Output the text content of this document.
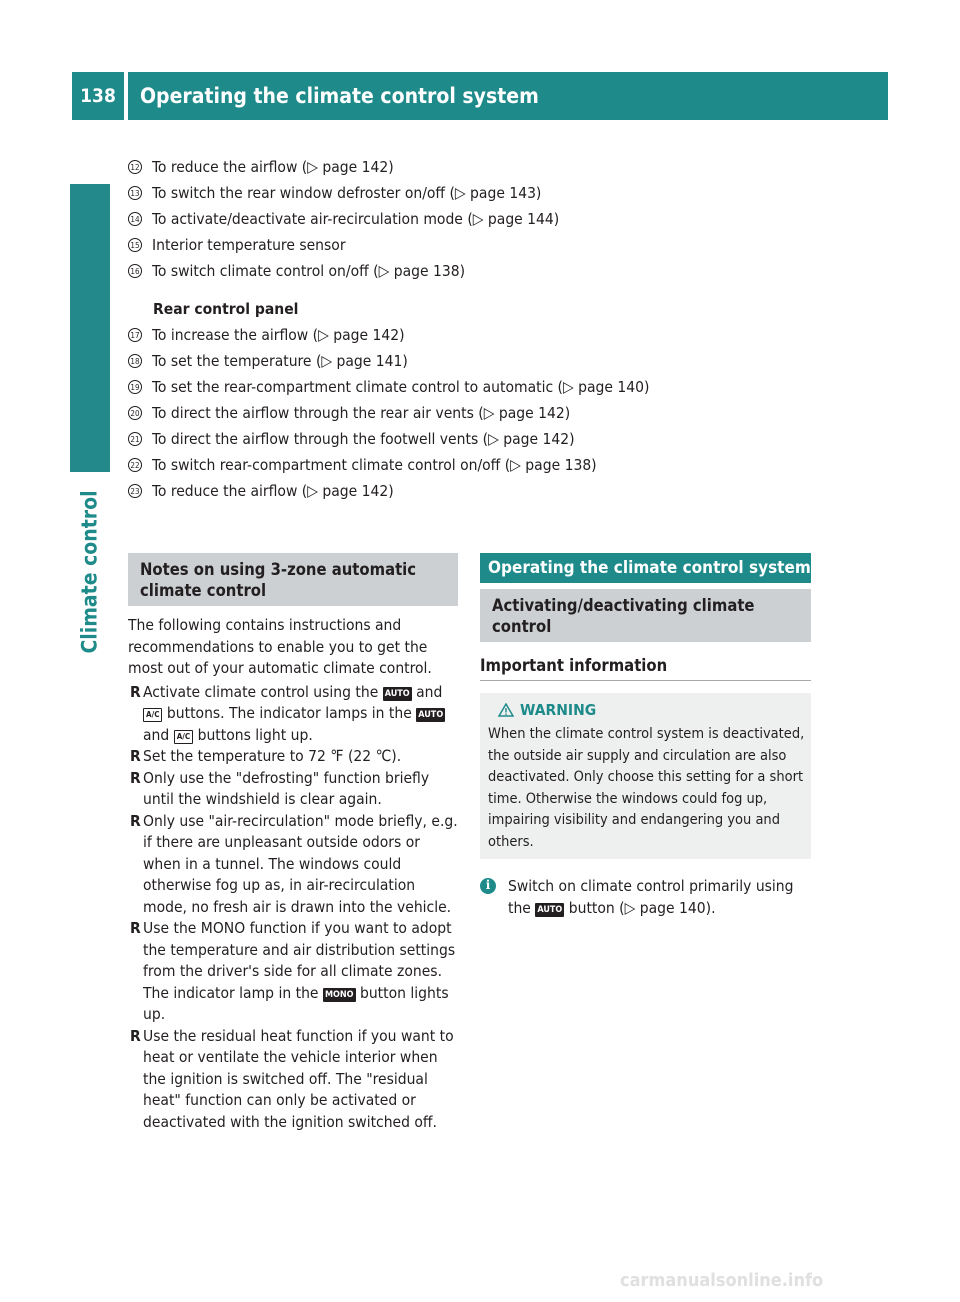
138	Operating the climate control system
Climate control
12 To reduce the airflow (▷ page 142)
13 To switch the rear window defroster on/off (▷ page 143)
14 To activate/deactivate air-recirculation mode (▷ page 144)
15 Interior temperature sensor
16 To switch climate control on/off (▷ page 138)
Rear control panel
17 To increase the airflow (▷ page 142)
18 To set the temperature (▷ page 141)
19 To set the rear-compartment climate control to automatic (▷ page 140)
20 To direct the airflow through the rear air vents (▷ page 142)
21 To direct the airflow through the footwell vents (▷ page 142)
22 To switch rear-compartment climate control on/off (▷ page 138)
23 To reduce the airflow (▷ page 142)
Notes on using 3-zone automatic climate control

The following contains instructions and recommendations to enable you to get the most out of your automatic climate control.

R Activate climate control using the AUTO and A/C buttons. The indicator lamps in the AUTO and A/C buttons light up.
R Set the temperature to 72 ℉ (22 ℃).
R Only use the "defrosting" function briefly until the windshield is clear again.
R Only use "air-recirculation" mode briefly, e.g. if there are unpleasant outside odors or when in a tunnel. The windows could otherwise fog up as, in air-recirculation mode, no fresh air is drawn into the vehicle.
R Use the MONO function if you want to adopt the temperature and air distribution settings from the driver's side for all climate zones. The indicator lamp in the MONO button lights up.
R Use the residual heat function if you want to heat or ventilate the vehicle interior when the ignition is switched off. The "residual heat" function can only be activated or deactivated with the ignition switched off.
Operating the climate control system
Activating/deactivating climate control
Important information
WARNING

When the climate control system is deactivated, the outside air supply and circulation are also deactivated. Only choose this setting for a short time. Otherwise the windows could fog up, impairing visibility and endangering you and others.

i	Switch on climate control primarily using the AUTO button (▷ page 140).
carmanualsonline.info
